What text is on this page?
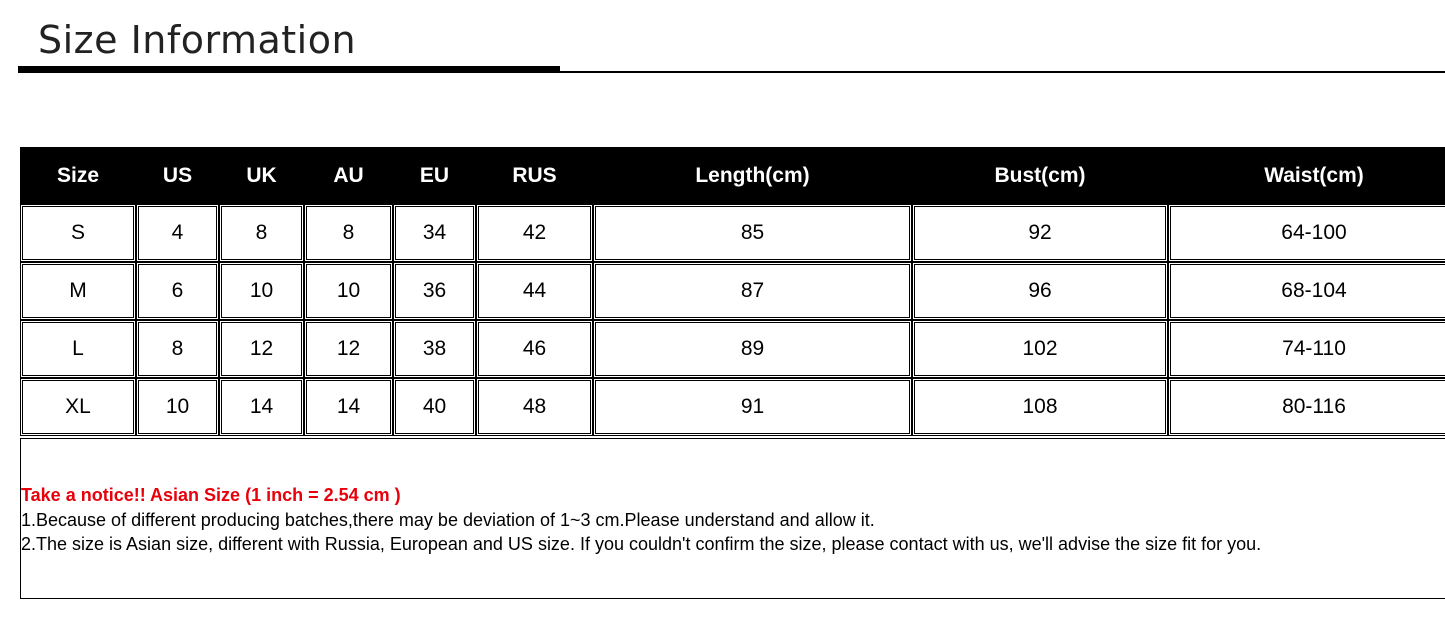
Size Information
Size	US	UK	AU	EU	RUS	Length(cm)	Bust(cm)	Waist(cm)
S	4	8	8	34	42	85	92	64-100
M	6	10	10	36	44	87	96	68-104
L	8	12	12	38	46	89	102	74-110
XL	10	14	14	40	48	91	108	80-116
Take a notice!! Asian Size (1 inch = 2.54 cm )
1.Because of different producing batches,there may be deviation of 1~3 cm.Please understand and allow it.
2.The size is Asian size, different with Russia, European and US size. If you couldn't confirm the size, please contact with us, we'll advise the size fit for you.
